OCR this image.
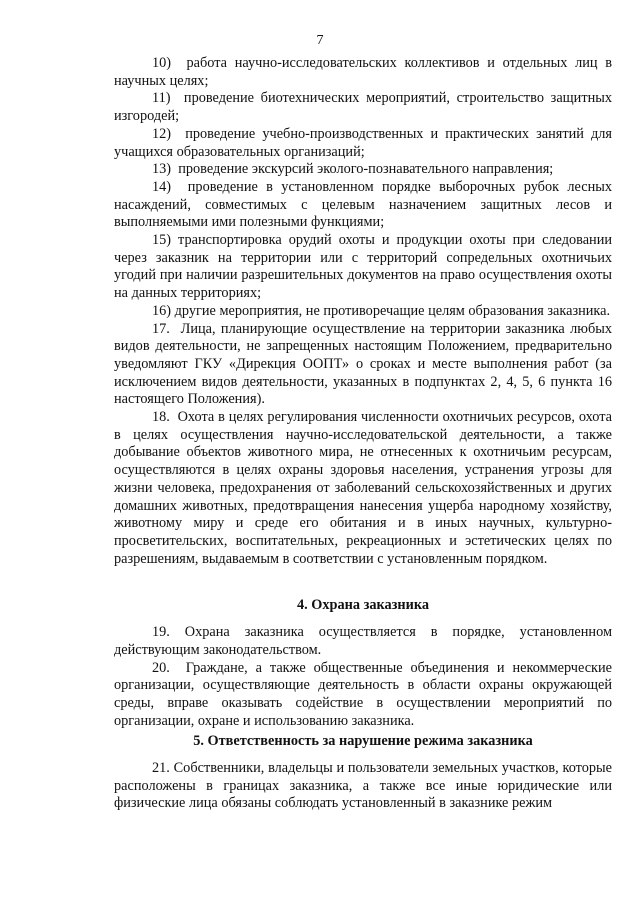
7

10)  работа научно-исследовательских коллективов и отдельных лиц в научных целях;

11)  проведение биотехнических мероприятий, строительство защитных изгородей;

12)  проведение учебно-производственных и практических занятий для учащихся образовательных организаций;

13)  проведение экскурсий эколого-познавательного направления;

14)  проведение в установленном порядке выборочных рубок лесных насаждений, совместимых с целевым назначением защитных лесов и выполняемыми ими полезными функциями;

15) транспортировка орудий охоты и продукции охоты при следовании через заказник на территории или с территорий сопредельных охотничьих угодий при наличии разрешительных документов на право осуществления охоты на данных территориях;

16) другие мероприятия, не противоречащие целям образования заказника.

17.  Лица, планирующие осуществление на территории заказника любых видов деятельности, не запрещенных настоящим Положением, предварительно уведомляют ГКУ «Дирекция ООПТ» о сроках и месте выполнения работ (за исключением видов деятельности, указанных в подпунктах 2, 4, 5, 6 пункта 16 настоящего Положения).

18.  Охота в целях регулирования численности охотничьих ресурсов, охота в целях осуществления научно-исследовательской деятельности, а также добывание объектов животного мира, не отнесенных к охотничьим ресурсам, осуществляются в целях охраны здоровья населения, устранения угрозы для жизни человека, предохранения от заболеваний сельскохозяйственных и других домашних животных, предотвращения нанесения ущерба народному хозяйству, животному миру и среде его обитания и в иных научных, культурно-просветительских, воспитательных, рекреационных и эстетических целях по разрешениям, выдаваемым в соответствии с установленным порядком.

4. Охрана заказника

19. Охрана заказника осуществляется в порядке, установленном действующим законодательством.

20.  Граждане, а также общественные объединения и некоммерческие организации, осуществляющие деятельность в области охраны окружающей среды, вправе оказывать содействие в осуществлении мероприятий по организации, охране и использованию заказника.

5. Ответственность за нарушение режима заказника

21. Собственники, владельцы и пользователи земельных участков, которые расположены в границах заказника, а также все иные юридические или физические лица обязаны соблюдать установленный в заказнике режим
